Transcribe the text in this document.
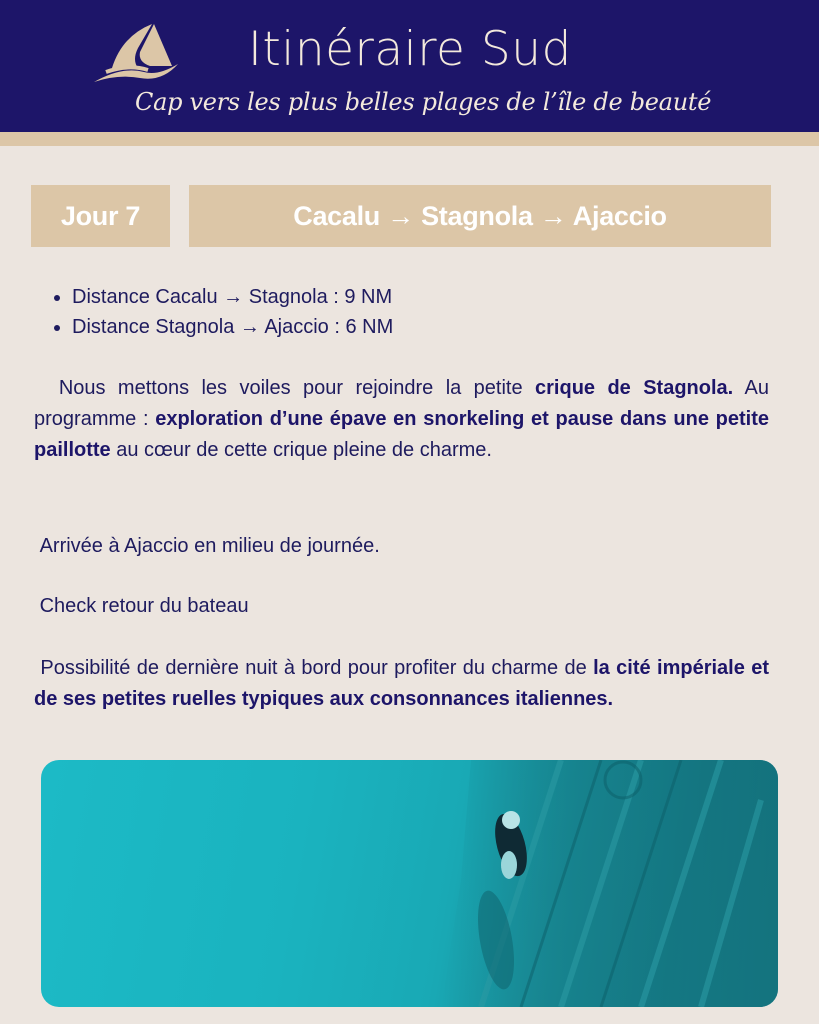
Itinéraire Sud
Cap vers les plus belles plages de l’île de beauté
Jour 7	Cacalu → Stagnola → Ajaccio
• Distance Cacalu → Stagnola : 9 NM
• Distance Stagnola → Ajaccio : 6 NM

Nous mettons les voiles pour rejoindre la petite crique de Stagnola. Au programme : exploration d’une épave en snorkeling et pause dans une petite paillotte au cœur de cette crique pleine de charme.

Arrivée à Ajaccio en milieu de journée.

Check retour du bateau

Possibilité de dernière nuit à bord pour profiter du charme de la cité impériale et de ses petites ruelles typiques aux consonnances italiennes.
